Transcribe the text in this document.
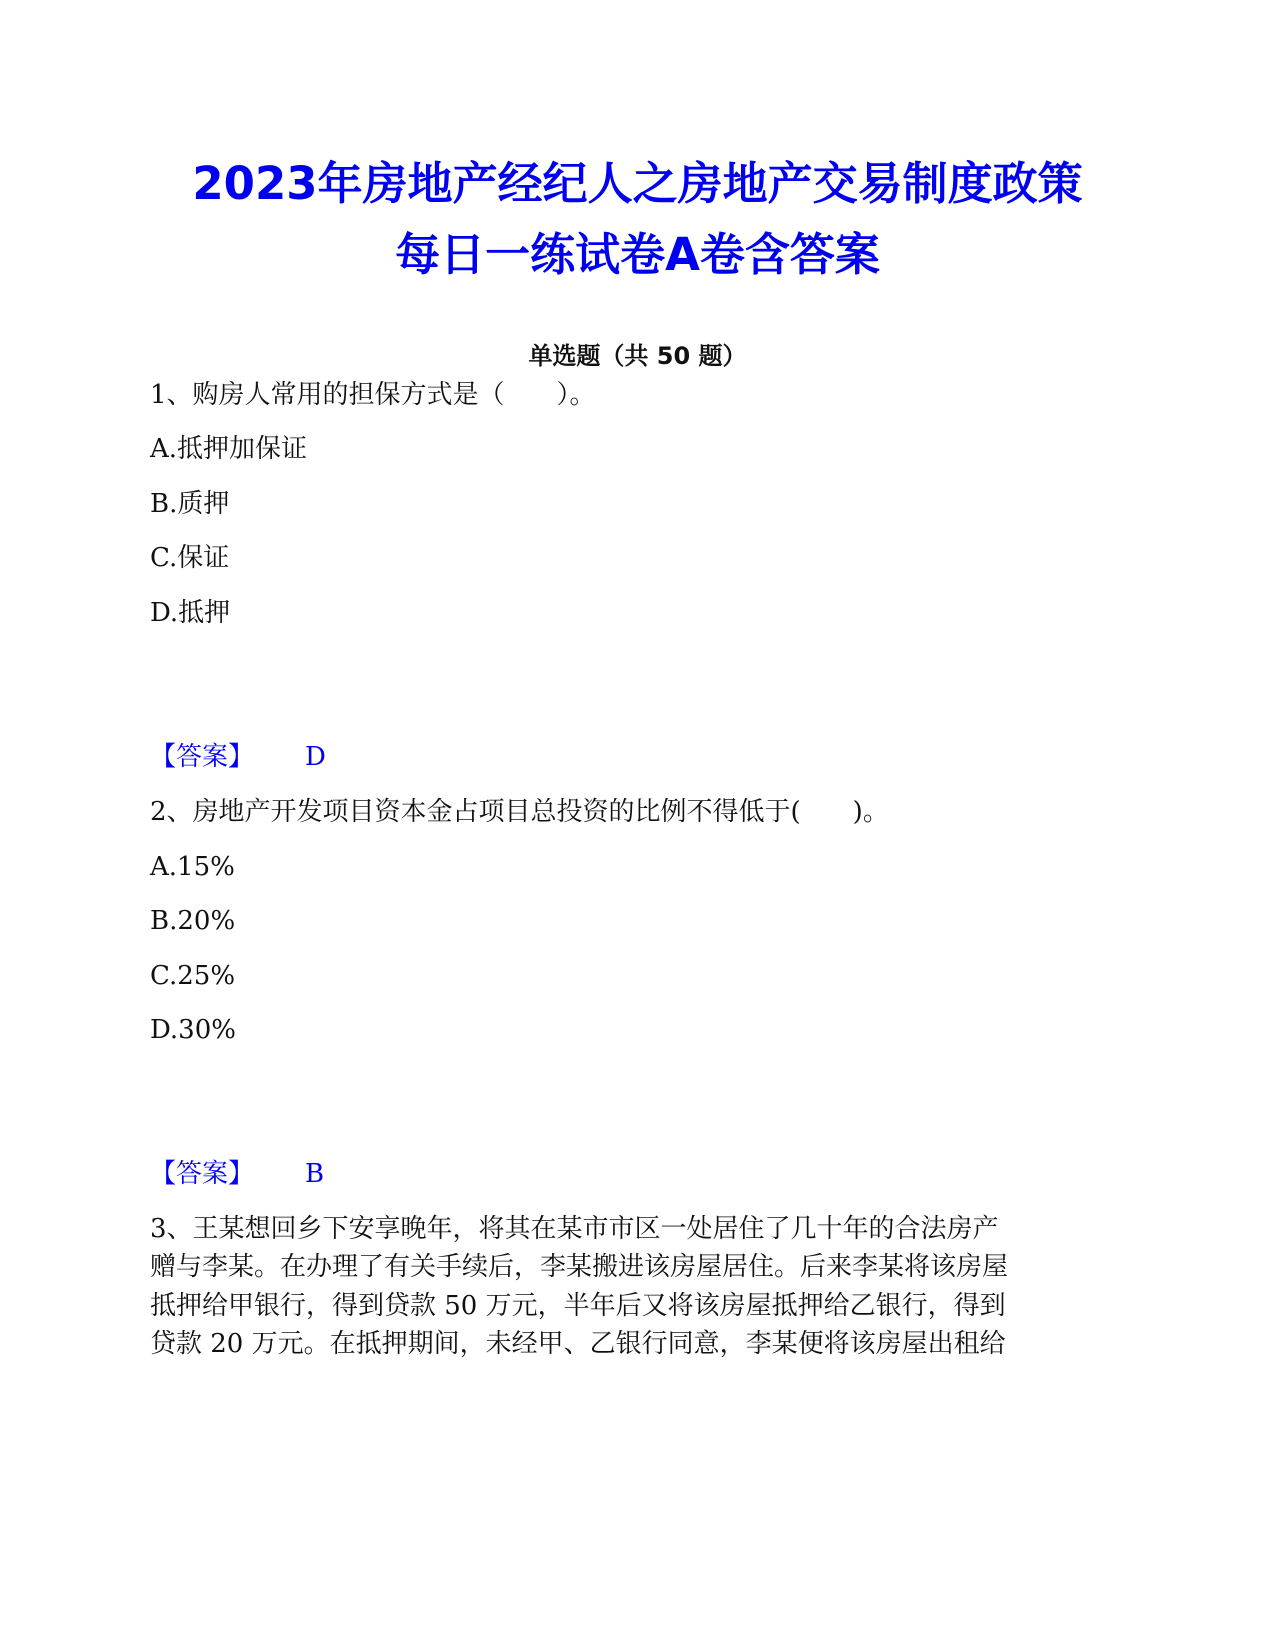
2023年房地产经纪人之房地产交易制度政策
每日一练试卷A卷含答案
单选题（共 50 题）
1、购房人常用的担保方式是（　　）。
A.抵押加保证
B.质押
C.保证
D.抵押
【答案】 D
2、房地产开发项目资本金占项目总投资的比例不得低于(　　)。
A.15%
B.20%
C.25%
D.30%
【答案】 B
3、王某想回乡下安享晚年，将其在某市市区一处居住了几十年的合法房产
赠与李某。在办理了有关手续后，李某搬进该房屋居住。后来李某将该房屋
抵押给甲银行，得到贷款 50 万元，半年后又将该房屋抵押给乙银行，得到
贷款 20 万元。在抵押期间，未经甲、乙银行同意，李某便将该房屋出租给
